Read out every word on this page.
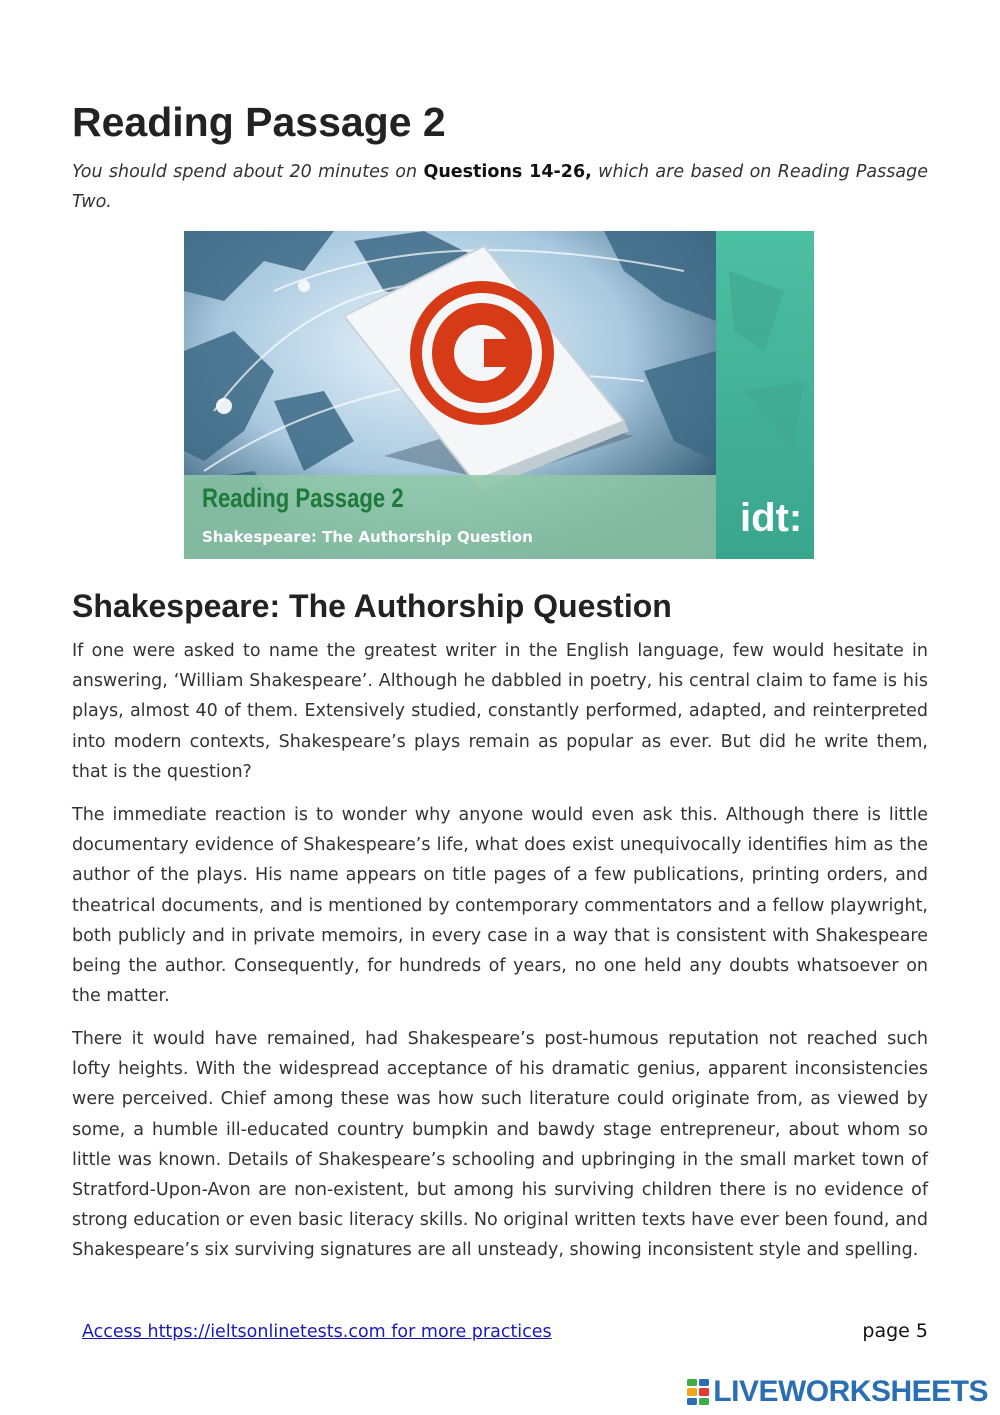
Reading Passage 2

You should spend about 20 minutes on Questions 14-26, which are based on Reading Passage Two.

Reading Passage 2
Shakespeare: The Authorship Question	idt:
Shakespeare: The Authorship Question

If one were asked to name the greatest writer in the English language, few would hesitate in answering, ‘William Shakespeare’. Although he dabbled in poetry, his central claim to fame is his plays, almost 40 of them. Extensively studied, constantly performed, adapted, and reinterpreted into modern contexts, Shakespeare’s plays remain as popular as ever. But did he write them, that is the question?

The immediate reaction is to wonder why anyone would even ask this. Although there is little documentary evidence of Shakespeare’s life, what does exist unequivocally identifies him as the author of the plays. His name appears on title pages of a few publications, printing orders, and theatrical documents, and is mentioned by contemporary commentators and a fellow playwright, both publicly and in private memoirs, in every case in a way that is consistent with Shakespeare being the author. Consequently, for hundreds of years, no one held any doubts whatsoever on the matter.

There it would have remained, had Shakespeare’s post-humous reputation not reached such lofty heights. With the widespread acceptance of his dramatic genius, apparent inconsistencies were perceived. Chief among these was how such literature could originate from, as viewed by some, a humble ill-educated country bumpkin and bawdy stage entrepreneur, about whom so little was known. Details of Shakespeare’s schooling and upbringing in the small market town of Stratford-Upon-Avon are non-existent, but among his surviving children there is no evidence of strong education or even basic literacy skills. No original written texts have ever been found, and Shakespeare’s six surviving signatures are all unsteady, showing inconsistent style and spelling.

Access https://ieltsonlinetests.com for more practices	page 5
LIVEWORKSHEETS
